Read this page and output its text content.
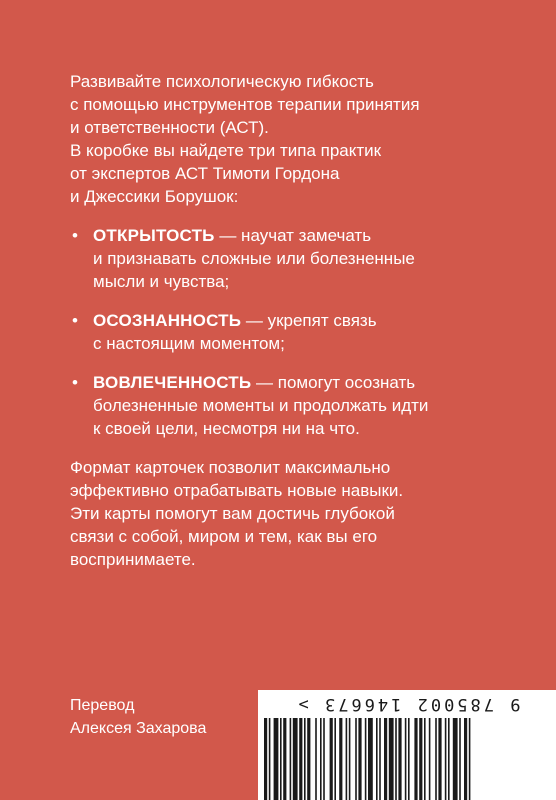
Развивайте психологическую гибкость
с помощью инструментов терапии принятия
и ответственности (АСТ).
В коробке вы найдете три типа практик
от экспертов АСТ Тимоти Гордона
и Джессики Борушок:

• ОТКРЫТОСТЬ — научат замечать
и признавать сложные или болезненные
мысли и чувства;
• ОСОЗНАННОСТЬ — укрепят связь
с настоящим моментом;
• ВОВЛЕЧЕННОСТЬ — помогут осознать
болезненные моменты и продолжать идти
к своей цели, несмотря ни на что.

Формат карточек позволит максимально
эффективно отрабатывать новые навыки.
Эти карты помогут вам достичь глубокой
связи с собой, миром и тем, как вы его
воспринимаете.

Перевод
Алексея Захарова
9 785002 146673 >
